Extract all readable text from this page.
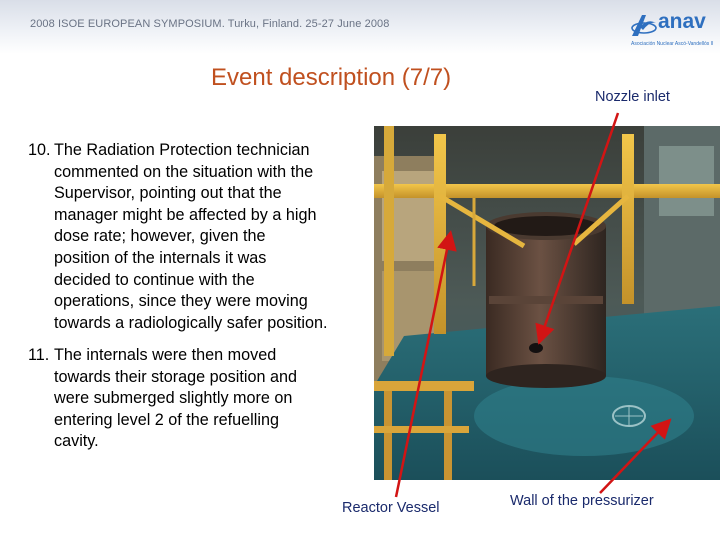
2008 ISOE EUROPEAN SYMPOSIUM. Turku, Finland. 25-27 June 2008	anav
Asociación Nuclear Ascó-Vandellós II
Event description (7/7)
Nozzle inlet
10. The Radiation Protection technician
commented on the situation with the
Supervisor, pointing out that the
manager might be affected by a high
dose rate; however, given the
position of the internals it was
decided to continue with the
operations, since they were moving
towards a radiologically safer position.
11. The internals were then moved
towards their storage position and
were submerged slightly more on
entering level 2 of the refuelling
cavity.
Reactor Vessel	Wall of the pressurizer
